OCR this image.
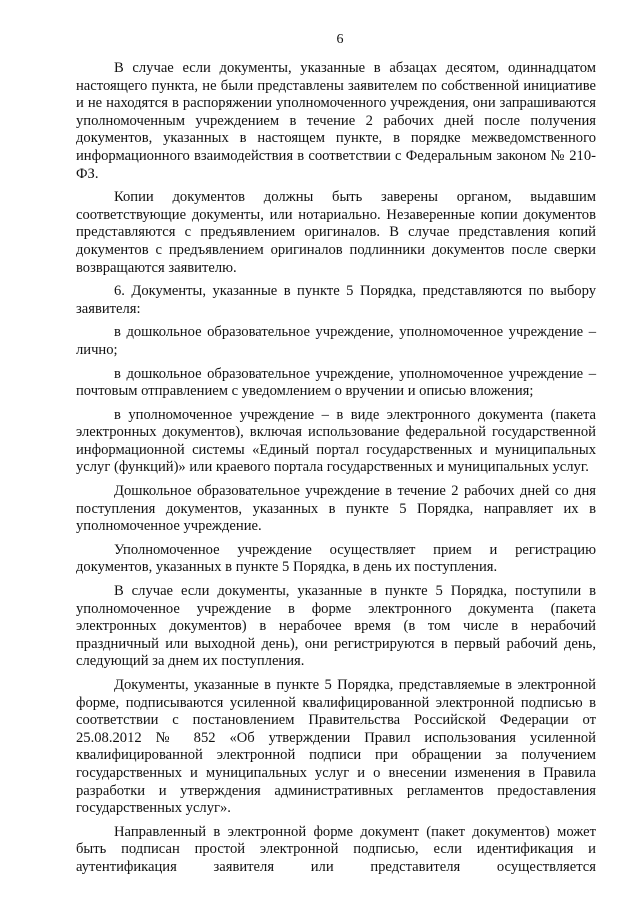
6

В случае если документы, указанные в абзацах десятом, одиннадцатом настоящего пункта, не были представлены заявителем по собственной инициативе и не находятся в распоряжении уполномоченного учреждения, они запрашиваются уполномоченным учреждением в течение 2 рабочих дней после получения документов, указанных в настоящем пункте, в порядке межведомственного информационного взаимодействия в соответствии с Федеральным законом № 210-ФЗ.

Копии документов должны быть заверены органом, выдавшим соответствующие документы, или нотариально. Незаверенные копии документов представляются с предъявлением оригиналов. В случае представления копий документов с предъявлением оригиналов подлинники документов после сверки возвращаются заявителю.

6. Документы, указанные в пункте 5 Порядка, представляются по выбору заявителя:

в дошкольное образовательное учреждение, уполномоченное учреждение – лично;

в дошкольное образовательное учреждение, уполномоченное учреждение – почтовым отправлением с уведомлением о вручении и описью вложения;

в уполномоченное учреждение – в виде электронного документа (пакета электронных документов), включая использование федеральной государственной информационной системы «Единый портал государственных и муниципальных услуг (функций)» или краевого портала государственных и муниципальных услуг.

Дошкольное образовательное учреждение в течение 2 рабочих дней со дня поступления документов, указанных в пункте 5 Порядка, направляет их в уполномоченное учреждение.

Уполномоченное учреждение осуществляет прием и регистрацию документов, указанных в пункте 5 Порядка, в день их поступления.

В случае если документы, указанные в пункте 5 Порядка, поступили в уполномоченное учреждение в форме электронного документа (пакета электронных документов) в нерабочее время (в том числе в нерабочий праздничный или выходной день), они регистрируются в первый рабочий день, следующий за днем их поступления.

Документы, указанные в пункте 5 Порядка, представляемые в электронной форме, подписываются усиленной квалифицированной электронной подписью в соответствии с постановлением Правительства Российской Федерации от 25.08.2012 № 852 «Об утверждении Правил использования усиленной квалифицированной электронной подписи при обращении за получением государственных и муниципальных услуг и о внесении изменения в Правила разработки и утверждения административных регламентов предоставления государственных услуг».

Направленный в электронной форме документ (пакет документов) может быть подписан простой электронной подписью, если идентификация и аутентификация заявителя или представителя осуществляется
